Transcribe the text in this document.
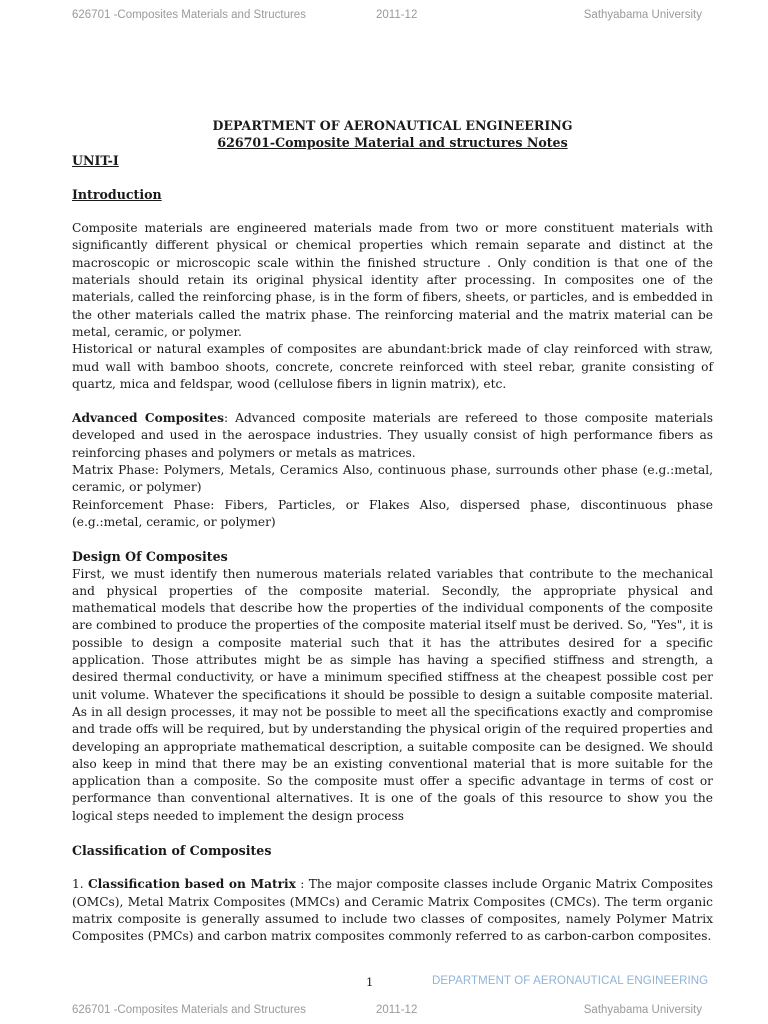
626701 -Composites Materials and Structures	2011-12	Sathyabama University

DEPARTMENT OF AERONAUTICAL ENGINEERING

626701-Composite Material and structures Notes

UNIT-I

Introduction

Composite materials are engineered materials made from two or more constituent materials with significantly different physical or chemical properties which remain separate and distinct at the macroscopic or microscopic scale within the finished structure . Only condition is that one of the materials should retain its original physical identity after processing. In composites one of the materials, called the reinforcing phase, is in the form of fibers, sheets, or particles, and is embedded in the other materials called the matrix phase. The reinforcing material and the matrix material can be metal, ceramic, or polymer.

Historical or natural examples of composites are abundant:brick made of clay reinforced with straw, mud wall with bamboo shoots, concrete, concrete reinforced with steel rebar, granite consisting of quartz, mica and feldspar, wood (cellulose fibers in lignin matrix), etc.

Advanced Composites: Advanced composite materials are refereed to those composite materials developed and used in the aerospace industries. They usually consist of high performance fibers as reinforcing phases and polymers or metals as matrices.

Matrix Phase: Polymers, Metals, Ceramics Also, continuous phase, surrounds other phase (e.g.:metal, ceramic, or polymer)

Reinforcement Phase: Fibers, Particles, or Flakes Also, dispersed phase, discontinuous phase (e.g.:metal, ceramic, or polymer)

Design Of Composites

First, we must identify then numerous materials related variables that contribute to the mechanical and physical properties of the composite material. Secondly, the appropriate physical and mathematical models that describe how the properties of the individual components of the composite are combined to produce the properties of the composite material itself must be derived. So, "Yes", it is possible to design a composite material such that it has the attributes desired for a specific application. Those attributes might be as simple has having a specified stiffness and strength, a desired thermal conductivity, or have a minimum specified stiffness at the cheapest possible cost per unit volume. Whatever the specifications it should be possible to design a suitable composite material. As in all design processes, it may not be possible to meet all the specifications exactly and compromise and trade offs will be required, but by understanding the physical origin of the required properties and developing an appropriate mathematical description, a suitable composite can be designed. We should also keep in mind that there may be an existing conventional material that is more suitable for the application than a composite. So the composite must offer a specific advantage in terms of cost or performance than conventional alternatives. It is one of the goals of this resource to show you the logical steps needed to implement the design process

Classification of Composites

1. Classification based on Matrix : The major composite classes include Organic Matrix Composites (OMCs), Metal Matrix Composites (MMCs) and Ceramic Matrix Composites (CMCs). The term organic matrix composite is generally assumed to include two classes of composites, namely Polymer Matrix Composites (PMCs) and carbon matrix composites commonly referred to as carbon-carbon composites.

1	DEPARTMENT OF AERONAUTICAL ENGINEERING
626701 -Composites Materials and Structures	2011-12	Sathyabama University
